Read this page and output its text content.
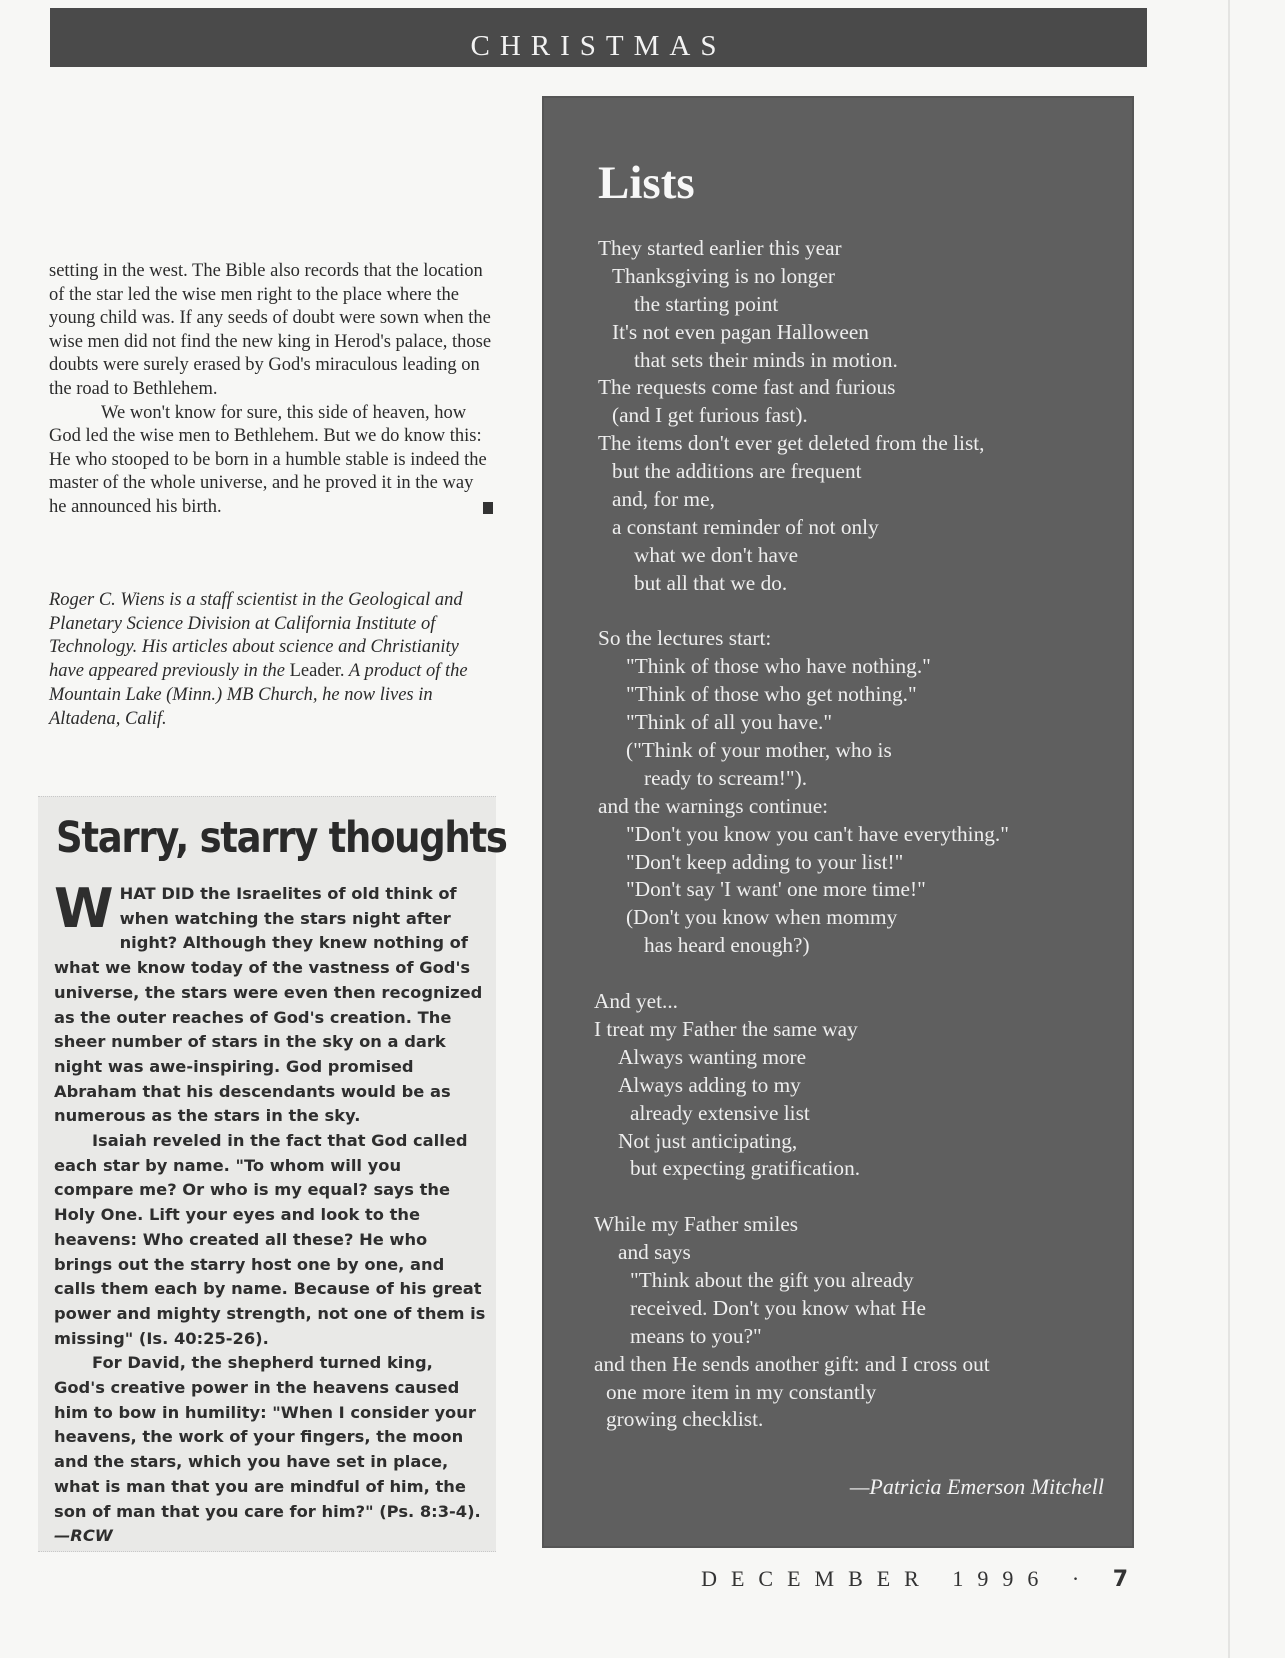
CHRISTMAS

setting in the west. The Bible also records that the location of the star led the wise men right to the place where the young child was. If any seeds of doubt were sown when the wise men did not find the new king in Herod's palace, those doubts were surely erased by God's miraculous leading on the road to Bethlehem.

We won't know for sure, this side of heaven, how God led the wise men to Bethlehem. But we do know this: He who stooped to be born in a humble stable is indeed the master of the whole universe, and he proved it in the way he announced his birth.

Roger C. Wiens is a staff scientist in the Geological and Planetary Science Division at California Institute of Technology. His articles about science and Christianity have appeared previously in the Leader. A product of the Mountain Lake (Minn.) MB Church, he now lives in Altadena, Calif.
Starry, starry thoughts

WHAT DID the Israelites of old think of when watching the stars night after night? Although they knew nothing of what we know today of the vastness of God's universe, the stars were even then recognized as the outer reaches of God's creation. The sheer number of stars in the sky on a dark night was awe-inspiring. God promised Abraham that his descendants would be as numerous as the stars in the sky.

Isaiah reveled in the fact that God called each star by name. "To whom will you compare me? Or who is my equal? says the Holy One. Lift your eyes and look to the heavens: Who created all these? He who brings out the starry host one by one, and calls them each by name. Because of his great power and mighty strength, not one of them is missing" (Is. 40:25-26).

For David, the shepherd turned king, God's creative power in the heavens caused him to bow in humility: "When I consider your heavens, the work of your fingers, the moon and the stars, which you have set in place, what is man that you are mindful of him, the son of man that you care for him?" (Ps. 8:3-4).—RCW

Lists
They started earlier this year
Thanksgiving is no longer
the starting point
It's not even pagan Halloween
that sets their minds in motion.
The requests come fast and furious
(and I get furious fast).
The items don't ever get deleted from the list,
but the additions are frequent
and, for me,
a constant reminder of not only
what we don't have
but all that we do.
So the lectures start:
"Think of those who have nothing."
"Think of those who get nothing."
"Think of all you have."
("Think of your mother, who is
ready to scream!").
and the warnings continue:
"Don't you know you can't have everything."
"Don't keep adding to your list!"
"Don't say 'I want' one more time!"
(Don't you know when mommy
has heard enough?)
And yet...
I treat my Father the same way
Always wanting more
Always adding to my
already extensive list
Not just anticipating,
but expecting gratification.
While my Father smiles
and says
"Think about the gift you already
received. Don't you know what He
means to you?"
and then He sends another gift: and I cross out
one more item in my constantly
growing checklist.
—Patricia Emerson Mitchell
DECEMBER 1996 · 7
